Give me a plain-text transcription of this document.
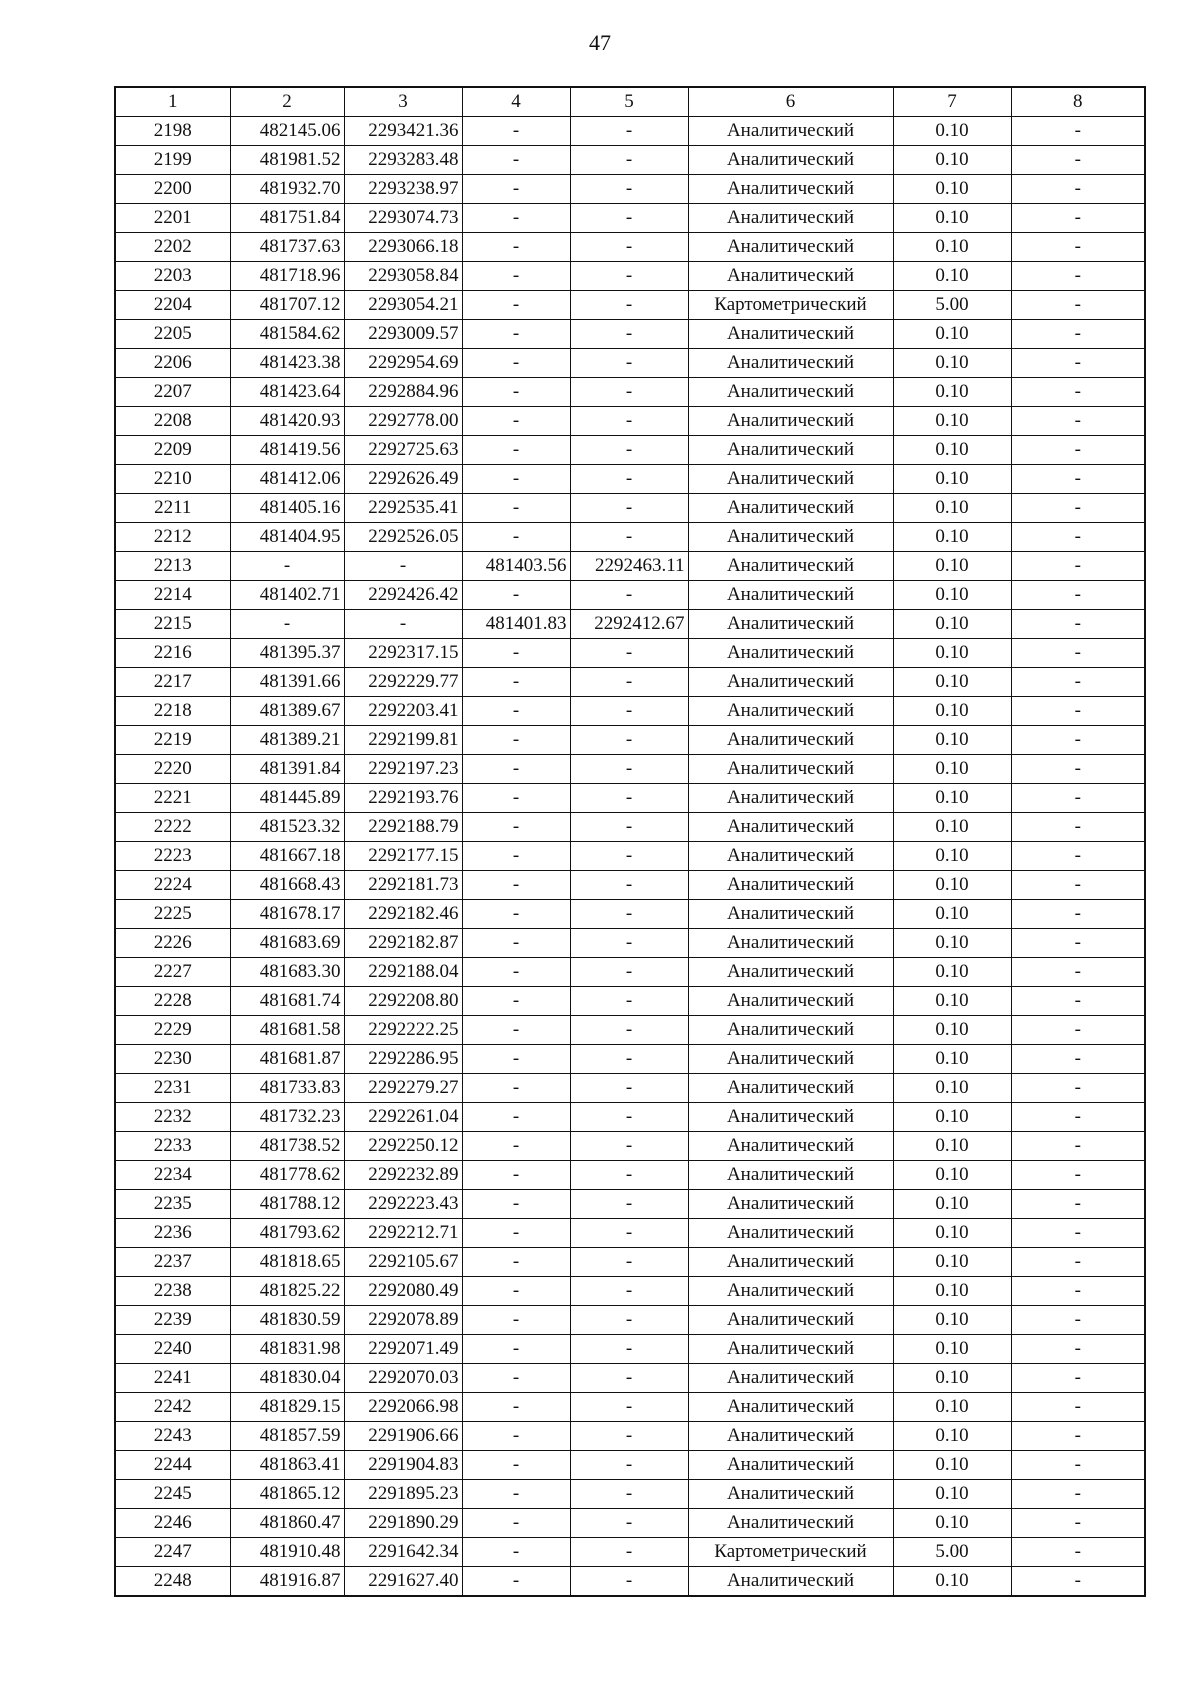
47
1	2	3	4	5	6	7	8
2198	482145.06	2293421.36	-	-	Аналитический	0.10	-
2199	481981.52	2293283.48	-	-	Аналитический	0.10	-
2200	481932.70	2293238.97	-	-	Аналитический	0.10	-
2201	481751.84	2293074.73	-	-	Аналитический	0.10	-
2202	481737.63	2293066.18	-	-	Аналитический	0.10	-
2203	481718.96	2293058.84	-	-	Аналитический	0.10	-
2204	481707.12	2293054.21	-	-	Картометрический	5.00	-
2205	481584.62	2293009.57	-	-	Аналитический	0.10	-
2206	481423.38	2292954.69	-	-	Аналитический	0.10	-
2207	481423.64	2292884.96	-	-	Аналитический	0.10	-
2208	481420.93	2292778.00	-	-	Аналитический	0.10	-
2209	481419.56	2292725.63	-	-	Аналитический	0.10	-
2210	481412.06	2292626.49	-	-	Аналитический	0.10	-
2211	481405.16	2292535.41	-	-	Аналитический	0.10	-
2212	481404.95	2292526.05	-	-	Аналитический	0.10	-
2213	-	-	481403.56	2292463.11	Аналитический	0.10	-
2214	481402.71	2292426.42	-	-	Аналитический	0.10	-
2215	-	-	481401.83	2292412.67	Аналитический	0.10	-
2216	481395.37	2292317.15	-	-	Аналитический	0.10	-
2217	481391.66	2292229.77	-	-	Аналитический	0.10	-
2218	481389.67	2292203.41	-	-	Аналитический	0.10	-
2219	481389.21	2292199.81	-	-	Аналитический	0.10	-
2220	481391.84	2292197.23	-	-	Аналитический	0.10	-
2221	481445.89	2292193.76	-	-	Аналитический	0.10	-
2222	481523.32	2292188.79	-	-	Аналитический	0.10	-
2223	481667.18	2292177.15	-	-	Аналитический	0.10	-
2224	481668.43	2292181.73	-	-	Аналитический	0.10	-
2225	481678.17	2292182.46	-	-	Аналитический	0.10	-
2226	481683.69	2292182.87	-	-	Аналитический	0.10	-
2227	481683.30	2292188.04	-	-	Аналитический	0.10	-
2228	481681.74	2292208.80	-	-	Аналитический	0.10	-
2229	481681.58	2292222.25	-	-	Аналитический	0.10	-
2230	481681.87	2292286.95	-	-	Аналитический	0.10	-
2231	481733.83	2292279.27	-	-	Аналитический	0.10	-
2232	481732.23	2292261.04	-	-	Аналитический	0.10	-
2233	481738.52	2292250.12	-	-	Аналитический	0.10	-
2234	481778.62	2292232.89	-	-	Аналитический	0.10	-
2235	481788.12	2292223.43	-	-	Аналитический	0.10	-
2236	481793.62	2292212.71	-	-	Аналитический	0.10	-
2237	481818.65	2292105.67	-	-	Аналитический	0.10	-
2238	481825.22	2292080.49	-	-	Аналитический	0.10	-
2239	481830.59	2292078.89	-	-	Аналитический	0.10	-
2240	481831.98	2292071.49	-	-	Аналитический	0.10	-
2241	481830.04	2292070.03	-	-	Аналитический	0.10	-
2242	481829.15	2292066.98	-	-	Аналитический	0.10	-
2243	481857.59	2291906.66	-	-	Аналитический	0.10	-
2244	481863.41	2291904.83	-	-	Аналитический	0.10	-
2245	481865.12	2291895.23	-	-	Аналитический	0.10	-
2246	481860.47	2291890.29	-	-	Аналитический	0.10	-
2247	481910.48	2291642.34	-	-	Картометрический	5.00	-
2248	481916.87	2291627.40	-	-	Аналитический	0.10	-
